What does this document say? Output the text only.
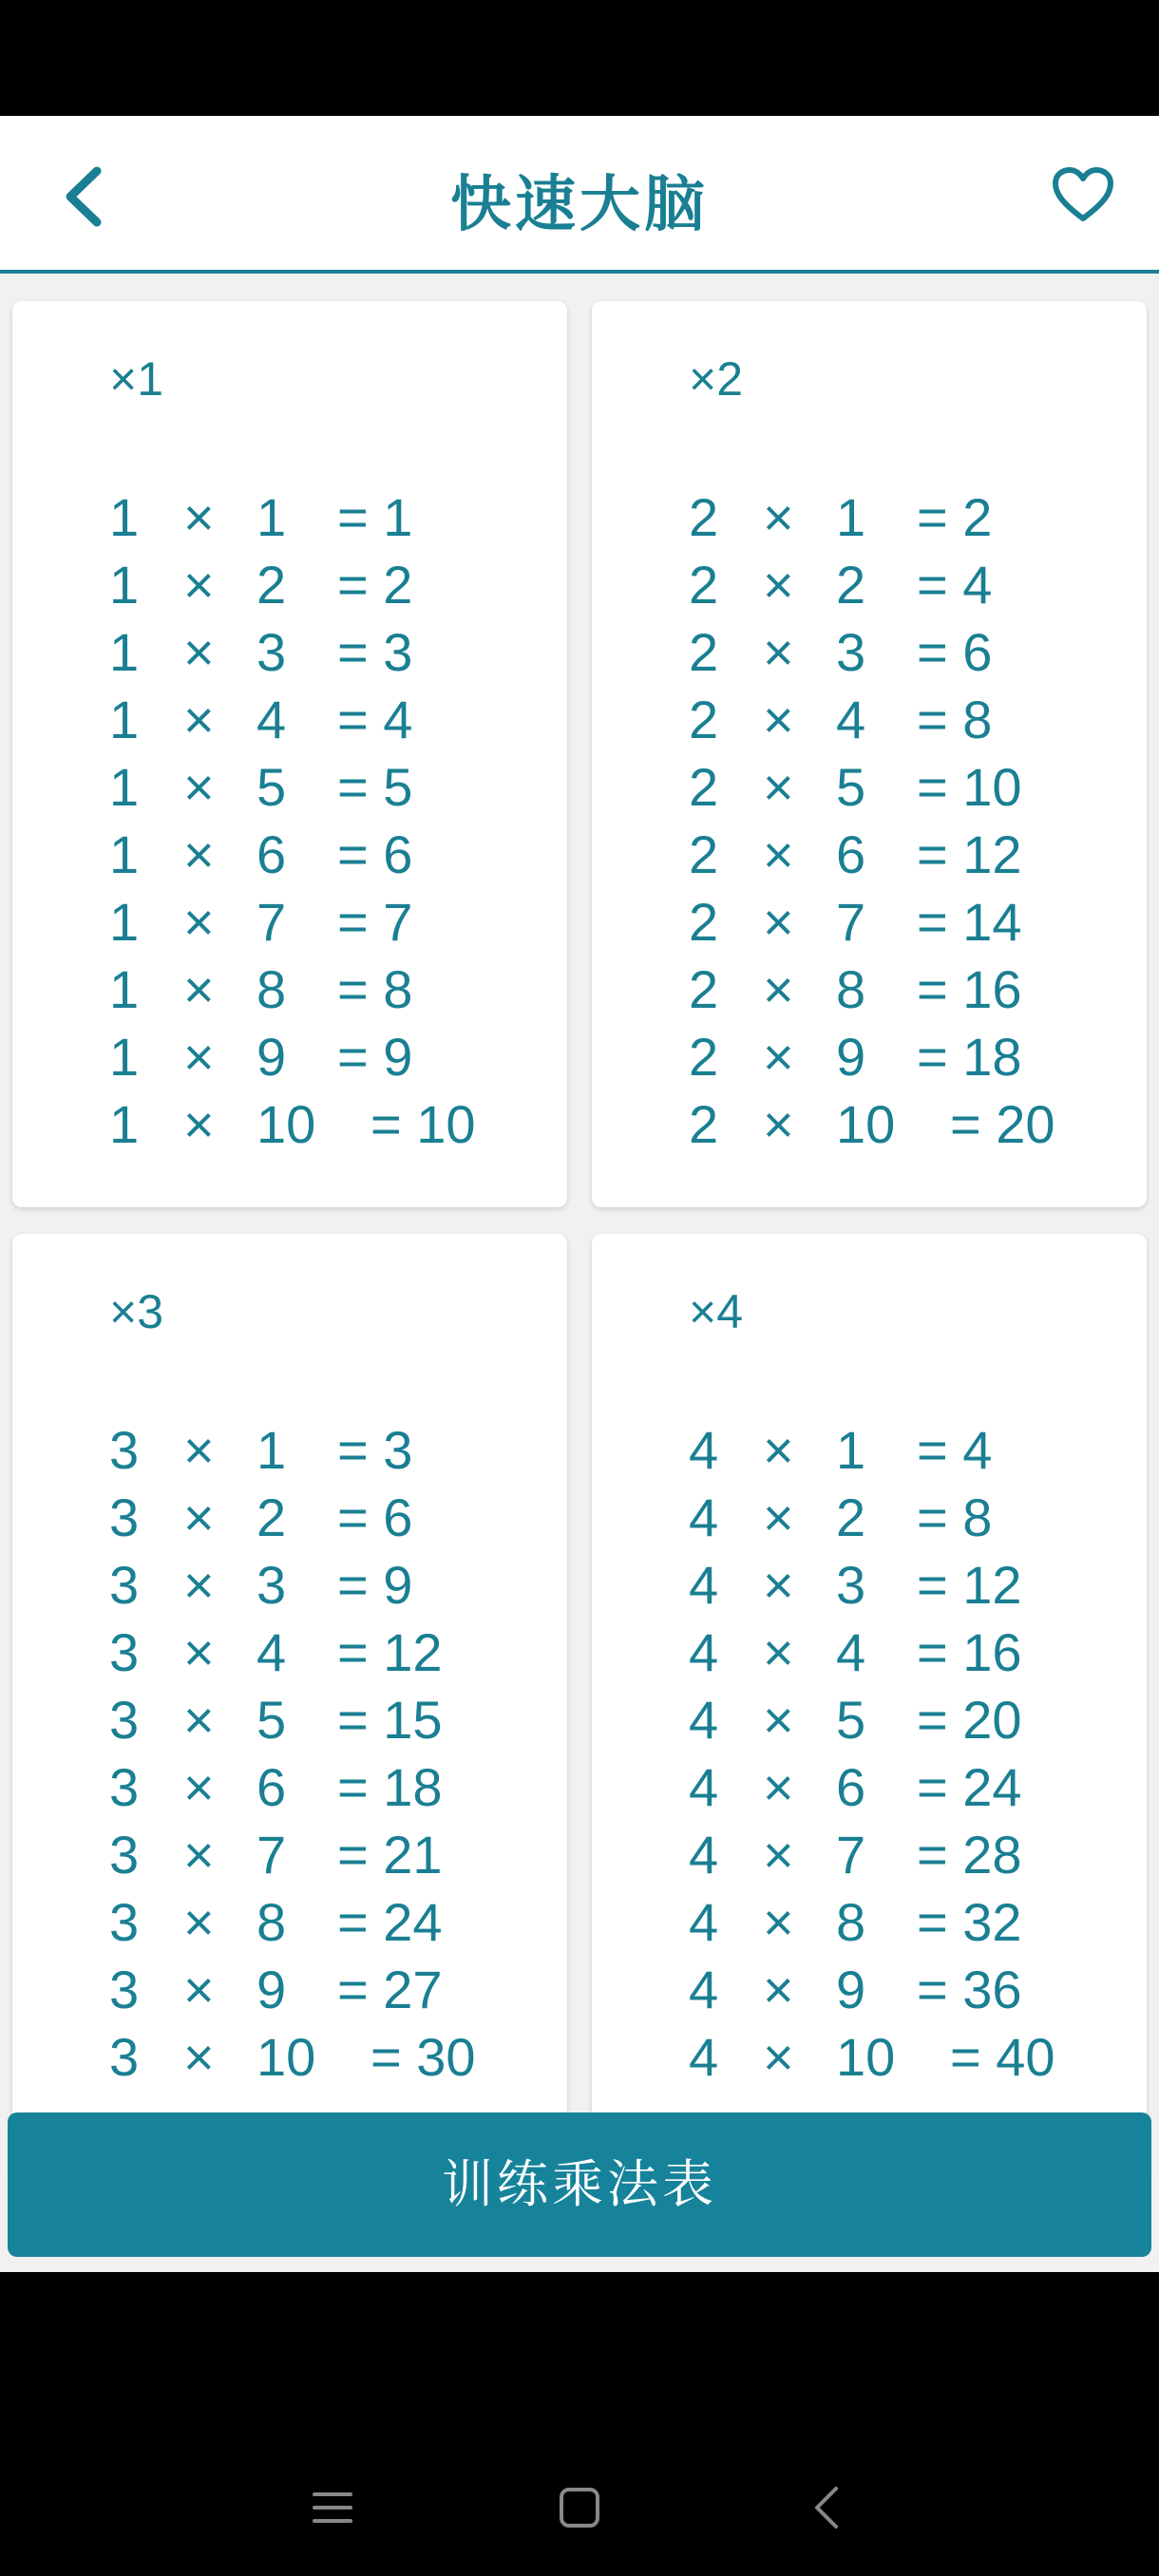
快速大脑
×1
1 × 1 = 1
1 × 2 = 2
1 × 3 = 3
1 × 4 = 4
1 × 5 = 5
1 × 6 = 6
1 × 7 = 7
1 × 8 = 8
1 × 9 = 9
1 × 10 = 10
×2
2 × 1 = 2
2 × 2 = 4
2 × 3 = 6
2 × 4 = 8
2 × 5 = 10
2 × 6 = 12
2 × 7 = 14
2 × 8 = 16
2 × 9 = 18
2 × 10 = 20
×3
3 × 1 = 3
3 × 2 = 6
3 × 3 = 9
3 × 4 = 12
3 × 5 = 15
3 × 6 = 18
3 × 7 = 21
3 × 8 = 24
3 × 9 = 27
3 × 10 = 30
×4
4 × 1 = 4
4 × 2 = 8
4 × 3 = 12
4 × 4 = 16
4 × 5 = 20
4 × 6 = 24
4 × 7 = 28
4 × 8 = 32
4 × 9 = 36
4 × 10 = 40
训练乘法表
